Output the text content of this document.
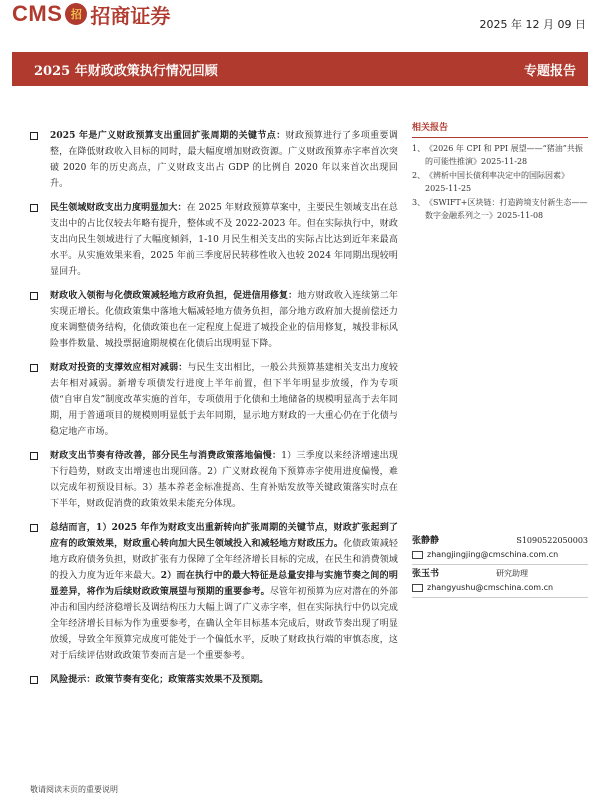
CMS 招 招商证券	2025 年 12 月 09 日
2025 年财政政策执行情况回顾	专题报告
2025 年是广义财政预算支出重回扩张周期的关键节点：财政预算进行了多项重要调整，在降低财政收入目标的同时，最大幅度增加财政资源。广义财政预算赤字率首次突破 2020 年的历史高点，广义财政支出占 GDP 的比例自 2020 年以来首次出现回升。
民生领域财政支出力度明显加大：在 2025 年财政预算草案中，主要民生领域支出在总支出中的占比仅较去年略有提升，整体或不及 2022-2023 年。但在实际执行中，财政支出向民生领域进行了大幅度倾斜，1-10 月民生相关支出的实际占比达到近年来最高水平。从实施效果来看，2025 年前三季度居民转移性收入也较 2024 年同期出现较明显回升。
财政收入领衔与化债政策减轻地方政府负担，促进信用修复：地方财政收入连续第二年实现正增长。化债政策集中落地大幅减轻地方债务负担，部分地方政府加大提前偿还力度来调整债务结构，化债政策也在一定程度上促进了城投企业的信用修复，城投非标风险事件数量、城投票据逾期规模在化债后出现明显下降。
财政对投资的支撑效应相对减弱：与民生支出相比，一般公共预算基建相关支出力度较去年相对减弱。新增专项债发行进度上半年前置，但下半年明显步放缓，作为专项债“自审自发”制度改革实施的首年，专项债用于化债和土地储备的规模明显高于去年同期，用于普通项目的规模则明显低于去年同期，显示地方财政的一大重心仍在于化债与稳定地产市场。
财政支出节奏有待改善，部分民生与消费政策落地偏慢：1）三季度以来经济增速出现下行趋势，财政支出增速也出现回落。2）广义财政视角下预算赤字使用进度偏慢，难以完成年初预设目标。3）基本养老金标准提高、生育补贴发放等关键政策落实时点在下半年，财政促消费的政策效果未能充分体现。
总结而言，1）2025 年作为财政支出重新转向扩张周期的关键节点，财政扩张起到了应有的政策效果，财政重心转向加大民生领域投入和减轻地方财政压力。化债政策减轻地方政府债务负担，财政扩张有力保障了全年经济增长目标的完成，在民生和消费领域的投入力度为近年来最大。2）而在执行中的最大特征是总量安排与实施节奏之间的明显差异，将作为后续财政政策展望与预期的重要参考。尽管年初预算为应对潜在的外部冲击和国内经济稳增长及调结构压力大幅上调了广义赤字率，但在实际执行中仍以完成全年经济增长目标为作为重要参考，在确认全年目标基本完成后，财政节奏出现了明显放缓，导致全年预算完成度可能处于一个偏低水平，反映了财政执行端的审慎态度，这对于后续评估财政政策节奏而言是一个重要参考。
风险提示：政策节奏有变化；政策落实效果不及预期。
相关报告
1、 《2026 年 CPI 和 PPI 展望——“猪油”共振的可能性推演》2025-11-28
2、 《辨析中国长债利率决定中的国际因素》2025-11-25
3、 《SWIFT+区块链：打造跨境支付新生态——数字金融系列之一》2025-11-08
张静静	S1090522050003
zhangjingjing@cmschina.com.cn
张玉书	研究助理
zhangyushu@cmschina.com.cn
敬请阅读末页的重要说明
